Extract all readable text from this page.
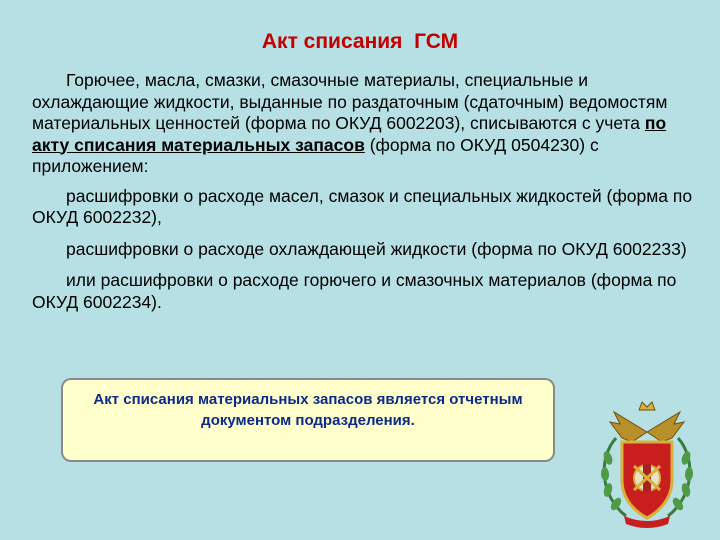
Акт списания  ГСМ

Горючее, масла, смазки, смазочные материалы, специальные и охлаждающие жидкости, выданные по раздаточным (сдаточным) ведомостям материальных ценностей (форма по ОКУД 6002203), списываются с учета по акту списания материальных запасов (форма по ОКУД 0504230) с приложением:

расшифровки о расходе масел, смазок и специальных жидкостей (форма по ОКУД 6002232),

расшифровки о расходе охлаждающей жидкости (форма по ОКУД 6002233)

или расшифровки о расходе горючего и смазочных материалов (форма по ОКУД 6002234).

Акт списания материальных запасов является отчетным документом подразделения.
